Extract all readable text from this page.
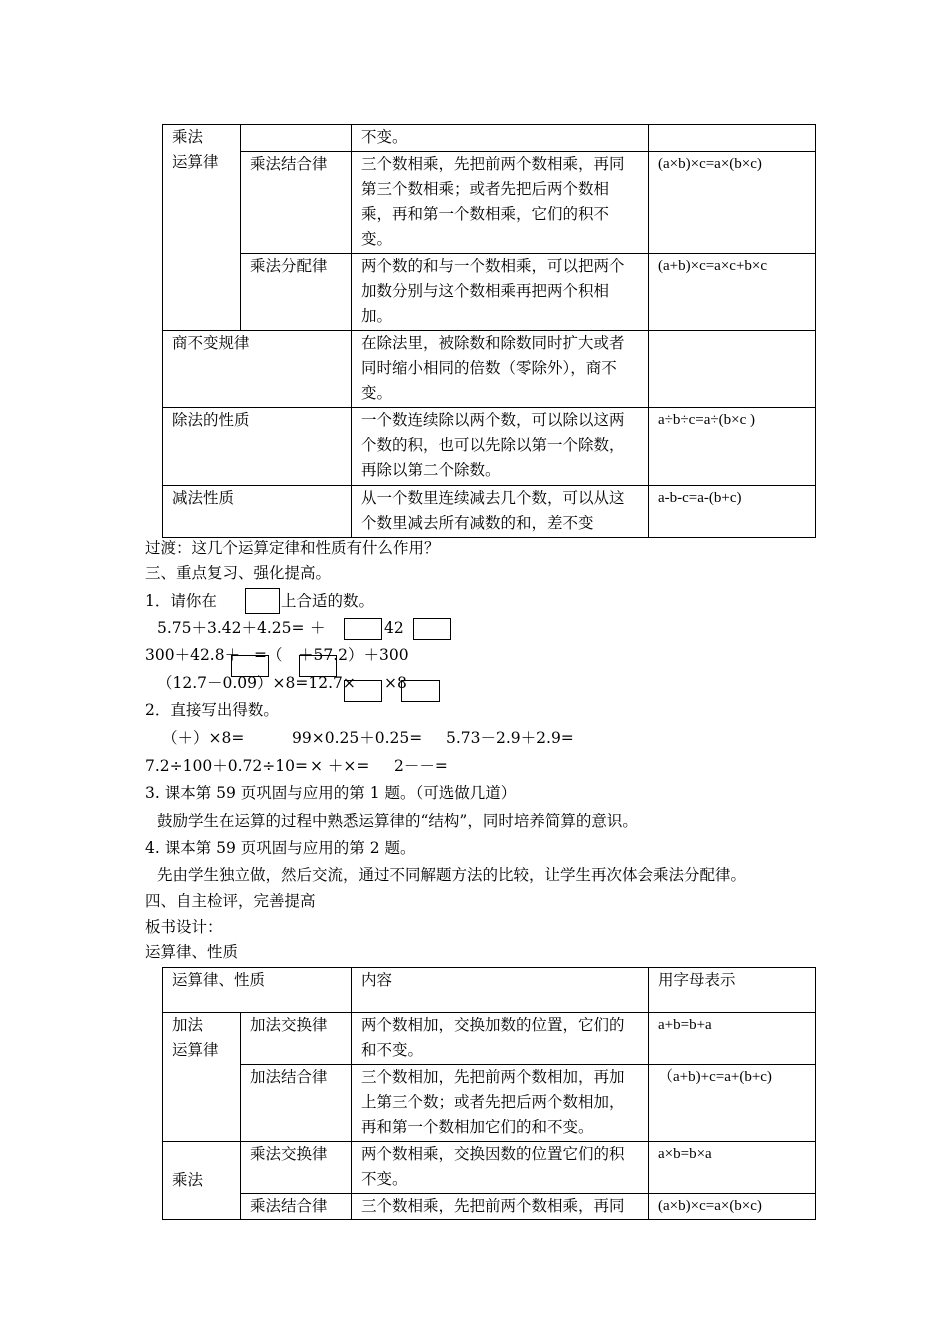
乘法
运算律		不变。	

	乘法结合律	三个数相乘，先把前两个数相乘，再同
第三个数相乘；或者先把后两个数相
乘，再和第一个数相乘，它们的积不
变。	(a×b)×c=a×(b×c)
	乘法分配律	两个数的和与一个数相乘，可以把两个
加数分别与这个数相乘再把两个积相
加。	(a+b)×c=a×c+b×c
商不变规律		在除法里，被除数和除数同时扩大或者
同时缩小相同的倍数（零除外），商不
变。	

除法的性质		一个数连续除以两个数，可以除以这两
个数的积，也可以先除以第一个除数，
再除以第二个除数。	a÷b÷c=a÷(b×c )
减法性质		从一个数里连续减去几个数，可以从这
个数里减去所有减数的和，差不变	a-b-c=a-(b+c)
过渡：这几个运算定律和性质有什么作用？
三、重点复习、强化提高。
1．请你在	上合适的数。
5.75＋3.42＋4.25= ＋	42
300＋42.8＋ =（ ＋57.2）＋300
（12.7－0.09）×8=12.7× ×8
2．直接写出得数。
（＋）×8=	99×0.25＋0.25= 5.73－2.9＋2.9=
7.2÷100＋0.72÷10= × ＋×= 2－－=
3. 课本第 59 页巩固与应用的第 1 题。（可选做几道）
鼓励学生在运算的过程中熟悉运算律的“结构”，同时培养简算的意识。
4. 课本第 59 页巩固与应用的第 2 题。
先由学生独立做，然后交流，通过不同解题方法的比较，让学生再次体会乘法分配律。
四、自主检评，完善提高
板书设计：
运算律、性质
运算律、性质		内容	用字母表示

加法
运算律	加法交换律	两个数相加，交换加数的位置，它们的
和不变。	a+b=b+a
	加法结合律	三个数相加，先把前两个数相加，再加
上第三个数；或者先把后两个数相加，
再和第一个数相加它们的和不变。	（a+b)+c=a+(b+c)
乘法	乘法交换律	两个数相乘，交换因数的位置它们的积
不变。	a×b=b×a
	乘法结合律	三个数相乘，先把前两个数相乘，再同	(a×b)×c=a×(b×c)
